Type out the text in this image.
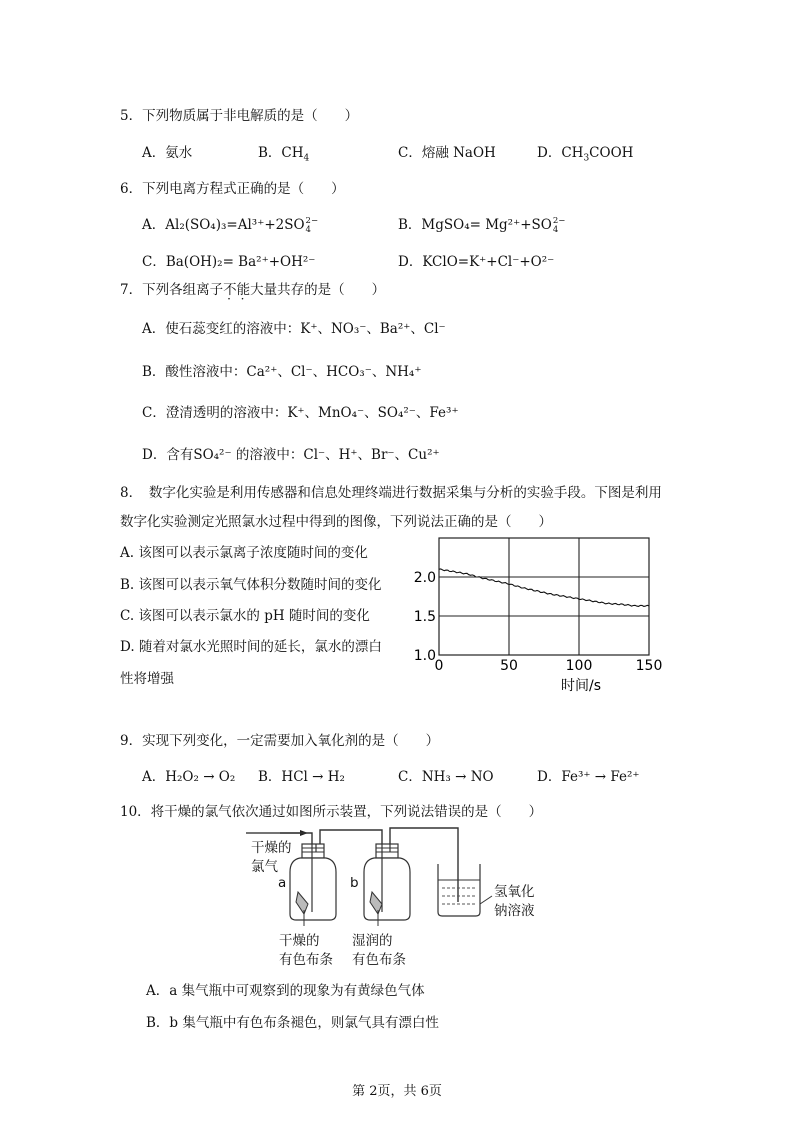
5．下列物质属于非电解质的是（　　）
A．氨水	B．$CH_4$	C．熔融 NaOH	D．$CH_3COOH$
6．下列电离方程式正确的是（　　）
A．Al₂(SO₄)₃=Al³⁺+2SO 2−
4	B．MgSO₄= Mg²⁺+SO 2−
4
C．Ba(OH)₂= Ba²⁺+OH²⁻	D．KClO=K⁺+Cl⁻+O²⁻
7．下列各组离子不能大量共存的是（　　）
A．使石蕊变红的溶液中：K⁺、NO₃⁻、Ba²⁺、Cl⁻
B．酸性溶液中：Ca²⁺、Cl⁻、HCO₃⁻、NH₄⁺
C．澄清透明的溶液中：K⁺、MnO₄⁻、SO₄²⁻、Fe³⁺
D．含有SO₄²⁻ 的溶液中：Cl⁻、H⁺、Br⁻、Cu²⁺
8．　数字化实验是利用传感器和信息处理终端进行数据采集与分析的实验手段。下图是利用
数字化实验测定光照氯水过程中得到的图像，下列说法正确的是（　　）
A. 该图可以表示氯离子浓度随时间的变化
B. 该图可以表示氧气体积分数随时间的变化
C. 该图可以表示氯水的 pH 随时间的变化
D. 随着对氯水光照时间的延长，氯水的漂白
性将增强
0	50	100	150
1.0
1.5
2.0
时间/s
9．实现下列变化，一定需要加入氧化剂的是（　　）
A．H₂O₂ → O₂ B．HCl → H₂	C．NH₃ → NO	D．Fe³⁺ → Fe²⁺
10．将干燥的氯气依次通过如图所示装置，下列说法错误的是（　　）
干燥的
氯气
a	b
干燥的
有色布条
湿润的
有色布条
氢氧化
钠溶液
A．a 集气瓶中可观察到的现象为有黄绿色气体
B．b 集气瓶中有色布条褪色，则氯气具有漂白性
第 2页，共 6页
